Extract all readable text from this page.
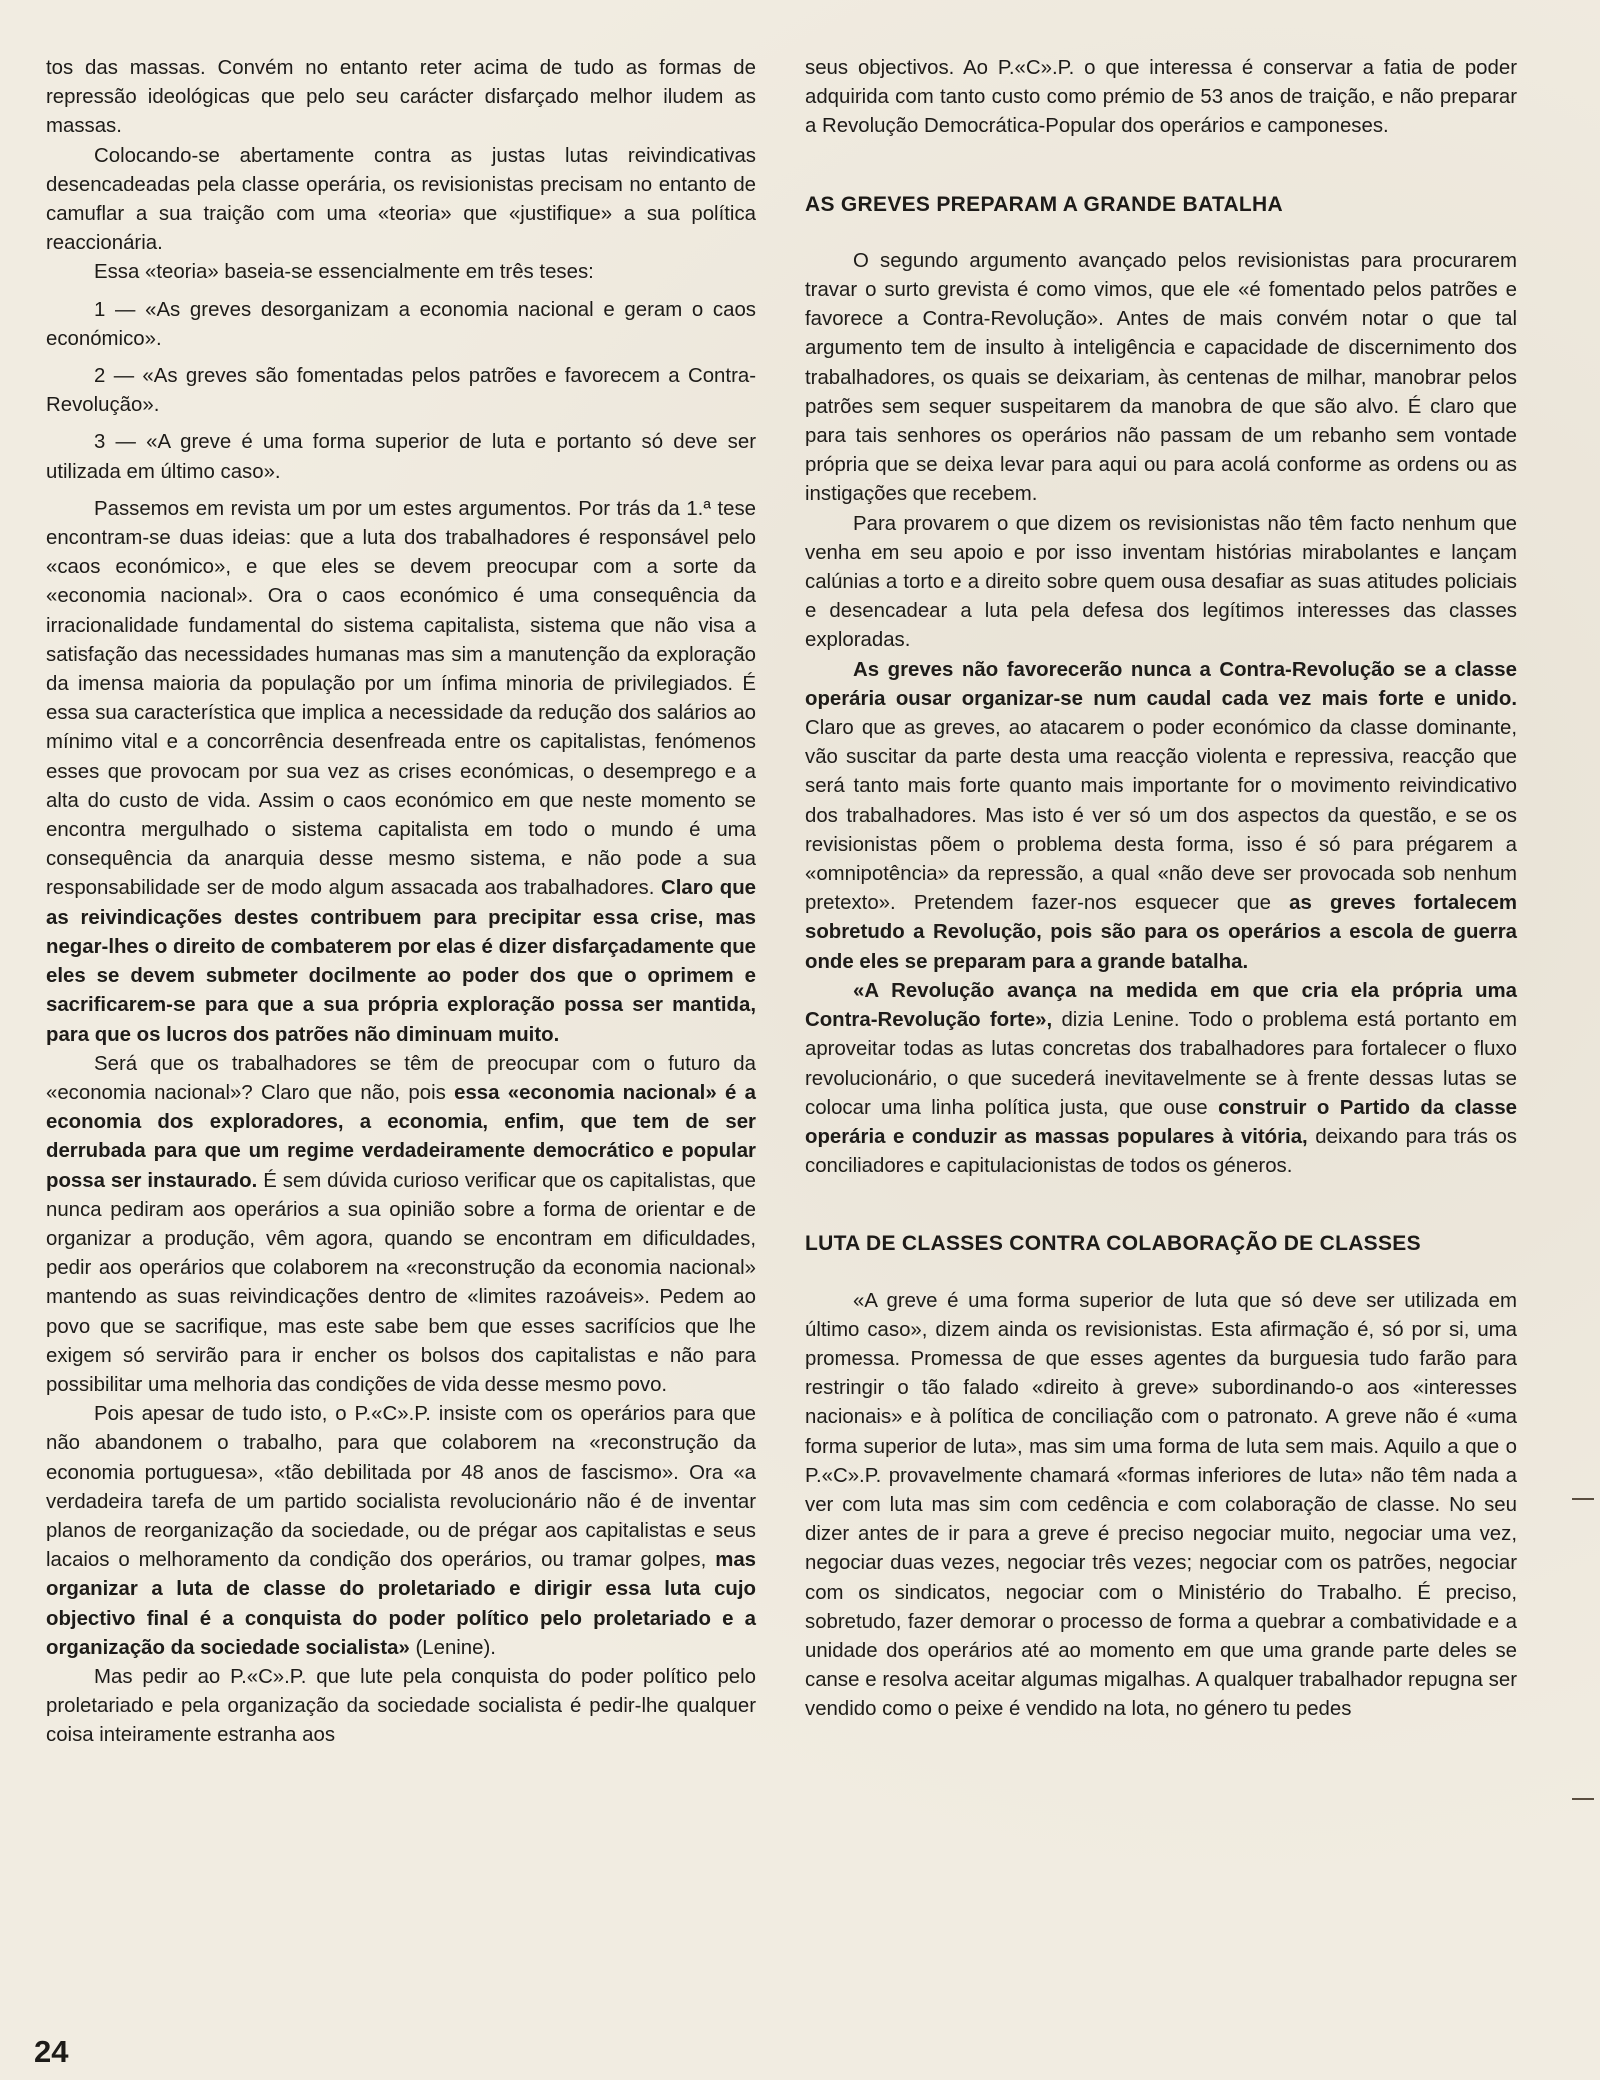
tos das massas. Convém no entanto reter acima de tudo as formas de repressão ideológicas que pelo seu carácter disfarçado melhor iludem as massas.

Colocando-se abertamente contra as justas lutas reivindicativas desencadeadas pela classe operária, os revisionistas precisam no entanto de camuflar a sua traição com uma «teoria» que «justifique» a sua política reaccionária.

Essa «teoria» baseia-se essencialmente em três teses:

1 — «As greves desorganizam a economia nacional e geram o caos económico».

2 — «As greves são fomentadas pelos patrões e favorecem a Contra-Revolução».

3 — «A greve é uma forma superior de luta e portanto só deve ser utilizada em último caso».

Passemos em revista um por um estes argumentos. Por trás da 1.ª tese encontram-se duas ideias: que a luta dos trabalhadores é responsável pelo «caos económico», e que eles se devem preocupar com a sorte da «economia nacional». Ora o caos económico é uma consequência da irracionalidade fundamental do sistema capitalista, sistema que não visa a satisfação das necessidades humanas mas sim a manutenção da exploração da imensa maioria da população por um ínfima minoria de privilegiados. É essa sua característica que implica a necessidade da redução dos salários ao mínimo vital e a concorrência desenfreada entre os capitalistas, fenómenos esses que provocam por sua vez as crises económicas, o desemprego e a alta do custo de vida. Assim o caos económico em que neste momento se encontra mergulhado o sistema capitalista em todo o mundo é uma consequência da anarquia desse mesmo sistema, e não pode a sua responsabilidade ser de modo algum assacada aos trabalhadores. Claro que as reivindicações destes contribuem para precipitar essa crise, mas negar-lhes o direito de combaterem por elas é dizer disfarçadamente que eles se devem submeter docilmente ao poder dos que o oprimem e sacrificarem-se para que a sua própria exploração possa ser mantida, para que os lucros dos patrões não diminuam muito.

Será que os trabalhadores se têm de preocupar com o futuro da «economia nacional»? Claro que não, pois essa «economia nacional» é a economia dos exploradores, a economia, enfim, que tem de ser derrubada para que um regime verdadeiramente democrático e popular possa ser instaurado. É sem dúvida curioso verificar que os capitalistas, que nunca pediram aos operários a sua opinião sobre a forma de orientar e de organizar a produção, vêm agora, quando se encontram em dificuldades, pedir aos operários que colaborem na «reconstrução da economia nacional» mantendo as suas reivindicações dentro de «limites razoáveis». Pedem ao povo que se sacrifique, mas este sabe bem que esses sacrifícios que lhe exigem só servirão para ir encher os bolsos dos capitalistas e não para possibilitar uma melhoria das condições de vida desse mesmo povo.

Pois apesar de tudo isto, o P.«C».P. insiste com os operários para que não abandonem o trabalho, para que colaborem na «reconstrução da economia portuguesa», «tão debilitada por 48 anos de fascismo». Ora «a verdadeira tarefa de um partido socialista revolucionário não é de inventar planos de reorganização da sociedade, ou de prégar aos capitalistas e seus lacaios o melhoramento da condição dos operários, ou tramar golpes, mas organizar a luta de classe do proletariado e dirigir essa luta cujo objectivo final é a conquista do poder político pelo proletariado e a organização da sociedade socialista» (Lenine).

Mas pedir ao P.«C».P. que lute pela conquista do poder político pelo proletariado e pela organização da sociedade socialista é pedir-lhe qualquer coisa inteiramente estranha aos

seus objectivos. Ao P.«C».P. o que interessa é conservar a fatia de poder adquirida com tanto custo como prémio de 53 anos de traição, e não preparar a Revolução Democrática-Popular dos operários e camponeses.

AS GREVES PREPARAM A GRANDE BATALHA

O segundo argumento avançado pelos revisionistas para procurarem travar o surto grevista é como vimos, que ele «é fomentado pelos patrões e favorece a Contra-Revolução». Antes de mais convém notar o que tal argumento tem de insulto à inteligência e capacidade de discernimento dos trabalhadores, os quais se deixariam, às centenas de milhar, manobrar pelos patrões sem sequer suspeitarem da manobra de que são alvo. É claro que para tais senhores os operários não passam de um rebanho sem vontade própria que se deixa levar para aqui ou para acolá conforme as ordens ou as instigações que recebem.

Para provarem o que dizem os revisionistas não têm facto nenhum que venha em seu apoio e por isso inventam histórias mirabolantes e lançam calúnias a torto e a direito sobre quem ousa desafiar as suas atitudes policiais e desencadear a luta pela defesa dos legítimos interesses das classes exploradas.

As greves não favorecerão nunca a Contra-Revolução se a classe operária ousar organizar-se num caudal cada vez mais forte e unido. Claro que as greves, ao atacarem o poder económico da classe dominante, vão suscitar da parte desta uma reacção violenta e repressiva, reacção que será tanto mais forte quanto mais importante for o movimento reivindicativo dos trabalhadores. Mas isto é ver só um dos aspectos da questão, e se os revisionistas põem o problema desta forma, isso é só para prégarem a «omnipotência» da repressão, a qual «não deve ser provocada sob nenhum pretexto». Pretendem fazer-nos esquecer que as greves fortalecem sobretudo a Revolução, pois são para os operários a escola de guerra onde eles se preparam para a grande batalha.

«A Revolução avança na medida em que cria ela própria uma Contra-Revolução forte», dizia Lenine. Todo o problema está portanto em aproveitar todas as lutas concretas dos trabalhadores para fortalecer o fluxo revolucionário, o que sucederá inevitavelmente se à frente dessas lutas se colocar uma linha política justa, que ouse construir o Partido da classe operária e conduzir as massas populares à vitória, deixando para trás os conciliadores e capitulacionistas de todos os géneros.

LUTA DE CLASSES CONTRA COLABORAÇÃO DE CLASSES

«A greve é uma forma superior de luta que só deve ser utilizada em último caso», dizem ainda os revisionistas. Esta afirmação é, só por si, uma promessa. Promessa de que esses agentes da burguesia tudo farão para restringir o tão falado «direito à greve» subordinando-o aos «interesses nacionais» e à política de conciliação com o patronato. A greve não é «uma forma superior de luta», mas sim uma forma de luta sem mais. Aquilo a que o P.«C».P. provavelmente chamará «formas inferiores de luta» não têm nada a ver com luta mas sim com cedência e com colaboração de classe. No seu dizer antes de ir para a greve é preciso negociar muito, negociar uma vez, negociar duas vezes, negociar três vezes; negociar com os patrões, negociar com os sindicatos, negociar com o Ministério do Trabalho. É preciso, sobretudo, fazer demorar o processo de forma a quebrar a combatividade e a unidade dos operários até ao momento em que uma grande parte deles se canse e resolva aceitar algumas migalhas. A qualquer trabalhador repugna ser vendido como o peixe é vendido na lota, no género tu pedes

24
